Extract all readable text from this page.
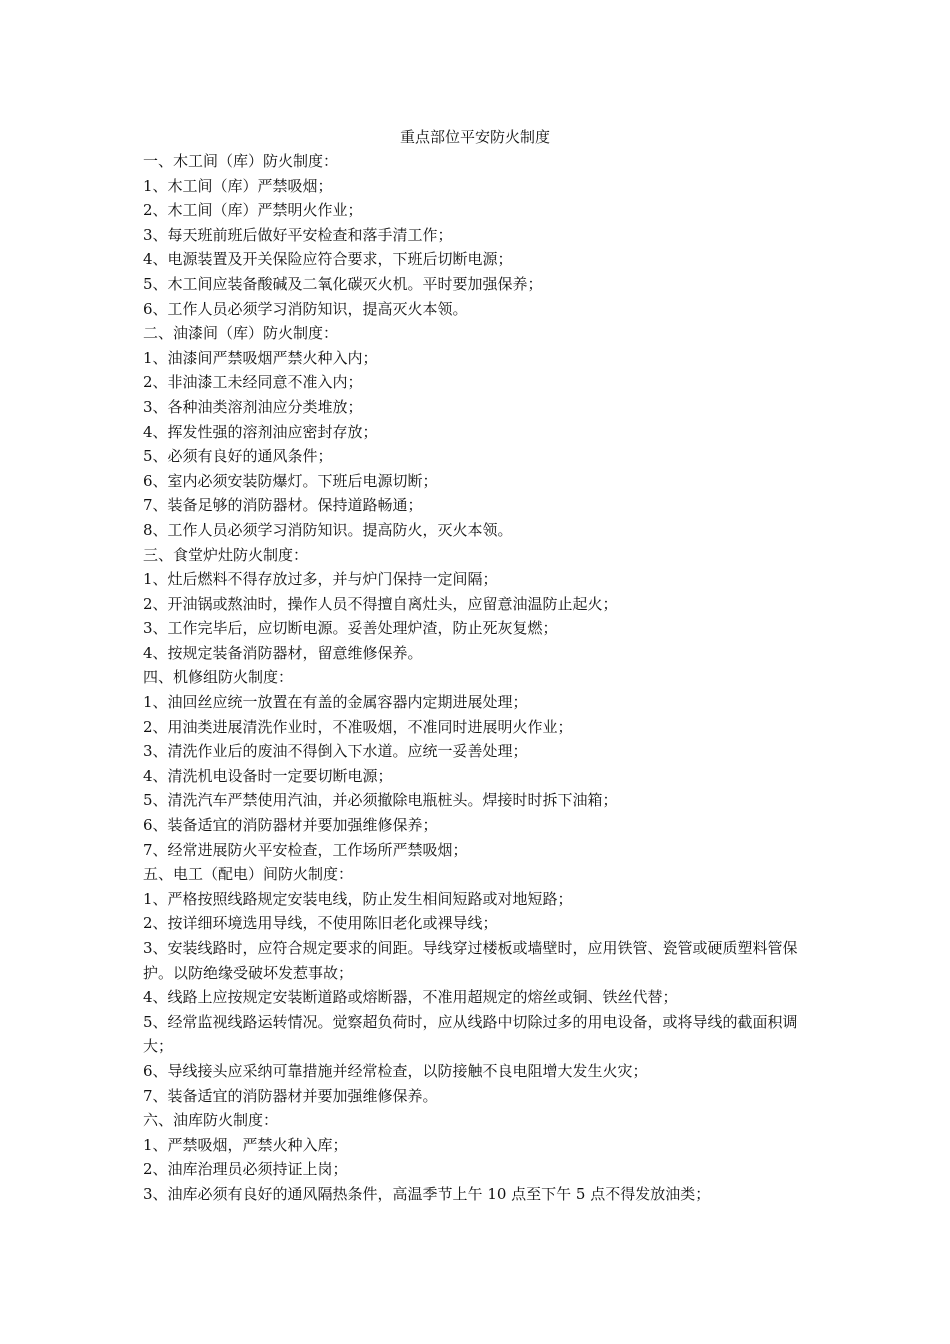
重点部位平安防火制度
一、木工间（库）防火制度：
1、木工间（库）严禁吸烟；
2、木工间（库）严禁明火作业；
3、每天班前班后做好平安检查和落手清工作；
4、电源装置及开关保险应符合要求，下班后切断电源；
5、木工间应装备酸碱及二氧化碳灭火机。平时要加强保养；
6、工作人员必须学习消防知识，提高灭火本领。
二、油漆间（库）防火制度：
1、油漆间严禁吸烟严禁火种入内；
2、非油漆工未经同意不准入内；
3、各种油类溶剂油应分类堆放；
4、挥发性强的溶剂油应密封存放；
5、必须有良好的通风条件；
6、室内必须安装防爆灯。下班后电源切断；
7、装备足够的消防器材。保持道路畅通；
8、工作人员必须学习消防知识。提高防火，灭火本领。
三、食堂炉灶防火制度：
1、灶后燃料不得存放过多，并与炉门保持一定间隔；
2、开油锅或熬油时，操作人员不得擅自离灶头，应留意油温防止起火；
3、工作完毕后，应切断电源。妥善处理炉渣，防止死灰复燃；
4、按规定装备消防器材，留意维修保养。
四、机修组防火制度：
1、油回丝应统一放置在有盖的金属容器内定期进展处理；
2、用油类进展清洗作业时，不准吸烟，不准同时进展明火作业；
3、清洗作业后的废油不得倒入下水道。应统一妥善处理；
4、清洗机电设备时一定要切断电源；
5、清洗汽车严禁使用汽油，并必须撤除电瓶桩头。焊接时时拆下油箱；
6、装备适宜的消防器材并要加强维修保养；
7、经常进展防火平安检查，工作场所严禁吸烟；
五、电工（配电）间防火制度：
1、严格按照线路规定安装电线，防止发生相间短路或对地短路；
2、按详细环境选用导线，不使用陈旧老化或裸导线；
3、安装线路时，应符合规定要求的间距。导线穿过楼板或墙壁时，应用铁管、瓷管或硬质塑料管保护。以防绝缘受破坏发惹事故；
4、线路上应按规定安装断道路或熔断器，不准用超规定的熔丝或铜、铁丝代替；
5、经常监视线路运转情况。觉察超负荷时，应从线路中切除过多的用电设备，或将导线的截面积调大；
6、导线接头应采纳可靠措施并经常检查，以防接触不良电阻增大发生火灾；
7、装备适宜的消防器材并要加强维修保养。
六、油库防火制度：
1、严禁吸烟，严禁火种入库；
2、油库治理员必须持证上岗；
3、油库必须有良好的通风隔热条件，高温季节上午 10 点至下午 5 点不得发放油类；
